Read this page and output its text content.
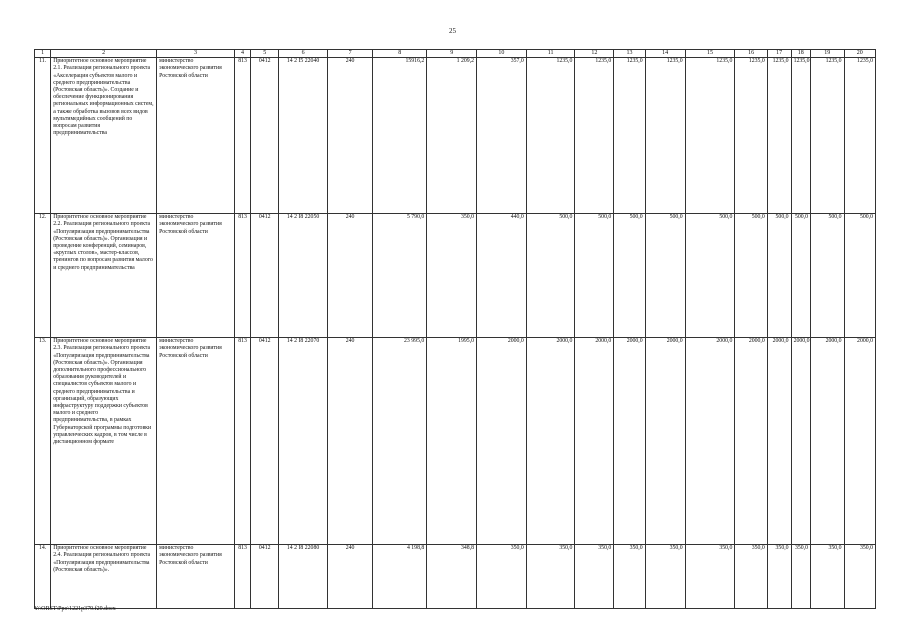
25
1	2	3	4	5	6	7	8	9	10	11	12	13	14	15	16	17	18	19	20
11.	Приоритетное основное мероприятие 2.1. Реализация регионального проекта «Акселерация субъектов малого и среднего предпринимательства (Ростовская область)». Создание и обеспечение функционирования региональных информационных систем, а также обработка вызовов всех видов мультимедийных сообщений по вопросам развития предпринимательства	министерство экономического развития Ростовской области	813	0412	14 2 I5 22040	240	15916,2	1 209,2	357,0	1235,0	1235,0	1235,0	1235,0	1235,0	1235,0	1235,0	1235,0	1235,0	1235,0
12.	Приоритетное основное мероприятие 2.2. Реализация регионального проекта «Популяризация предпринимательства (Ростовская область)». Организация и проведение конференций, семинаров, «круглых столов», мастер-классов, тренингов по вопросам развития малого и среднего предпринимательства	министерство экономического развития Ростовской области	813	0412	14 2 I8 22050	240	5 790,0	350,0	440,0	500,0	500,0	500,0	500,0	500,0	500,0	500,0	500,0	500,0	500,0
13.	Приоритетное основное мероприятие 2.3. Реализация регионального проекта «Популяризация предпринимательства (Ростовская область)». Организация дополнительного профессионального образования руководителей и специалистов субъектов малого и среднего предпринимательства и организаций, образующих инфраструктуру поддержки субъектов малого и среднего предпринимательства, в рамках Губернаторской программы подготовки управленческих кадров, в том числе в дистанционном формате	министерство экономического развития Ростовской области	813	0412	14 2 I8 22070	240	23 995,0	1995,0	2000,0	2000,0	2000,0	2000,0	2000,0	2000,0	2000,0	2000,0	2000,0	2000,0	2000,0
14.	Приоритетное основное мероприятие 2.4. Реализация регионального проекта «Популяризация предпринимательства (Ростовская область)».	министерство экономического развития Ростовской области	813	0412	14 2 I8 22080	240	4 198,8	348,8	350,0	350,0	350,0	350,0	350,0	350,0	350,0	350,0	350,0	350,0	350,0
Y:\ORST\Ppo\1221p379.f20.docx
